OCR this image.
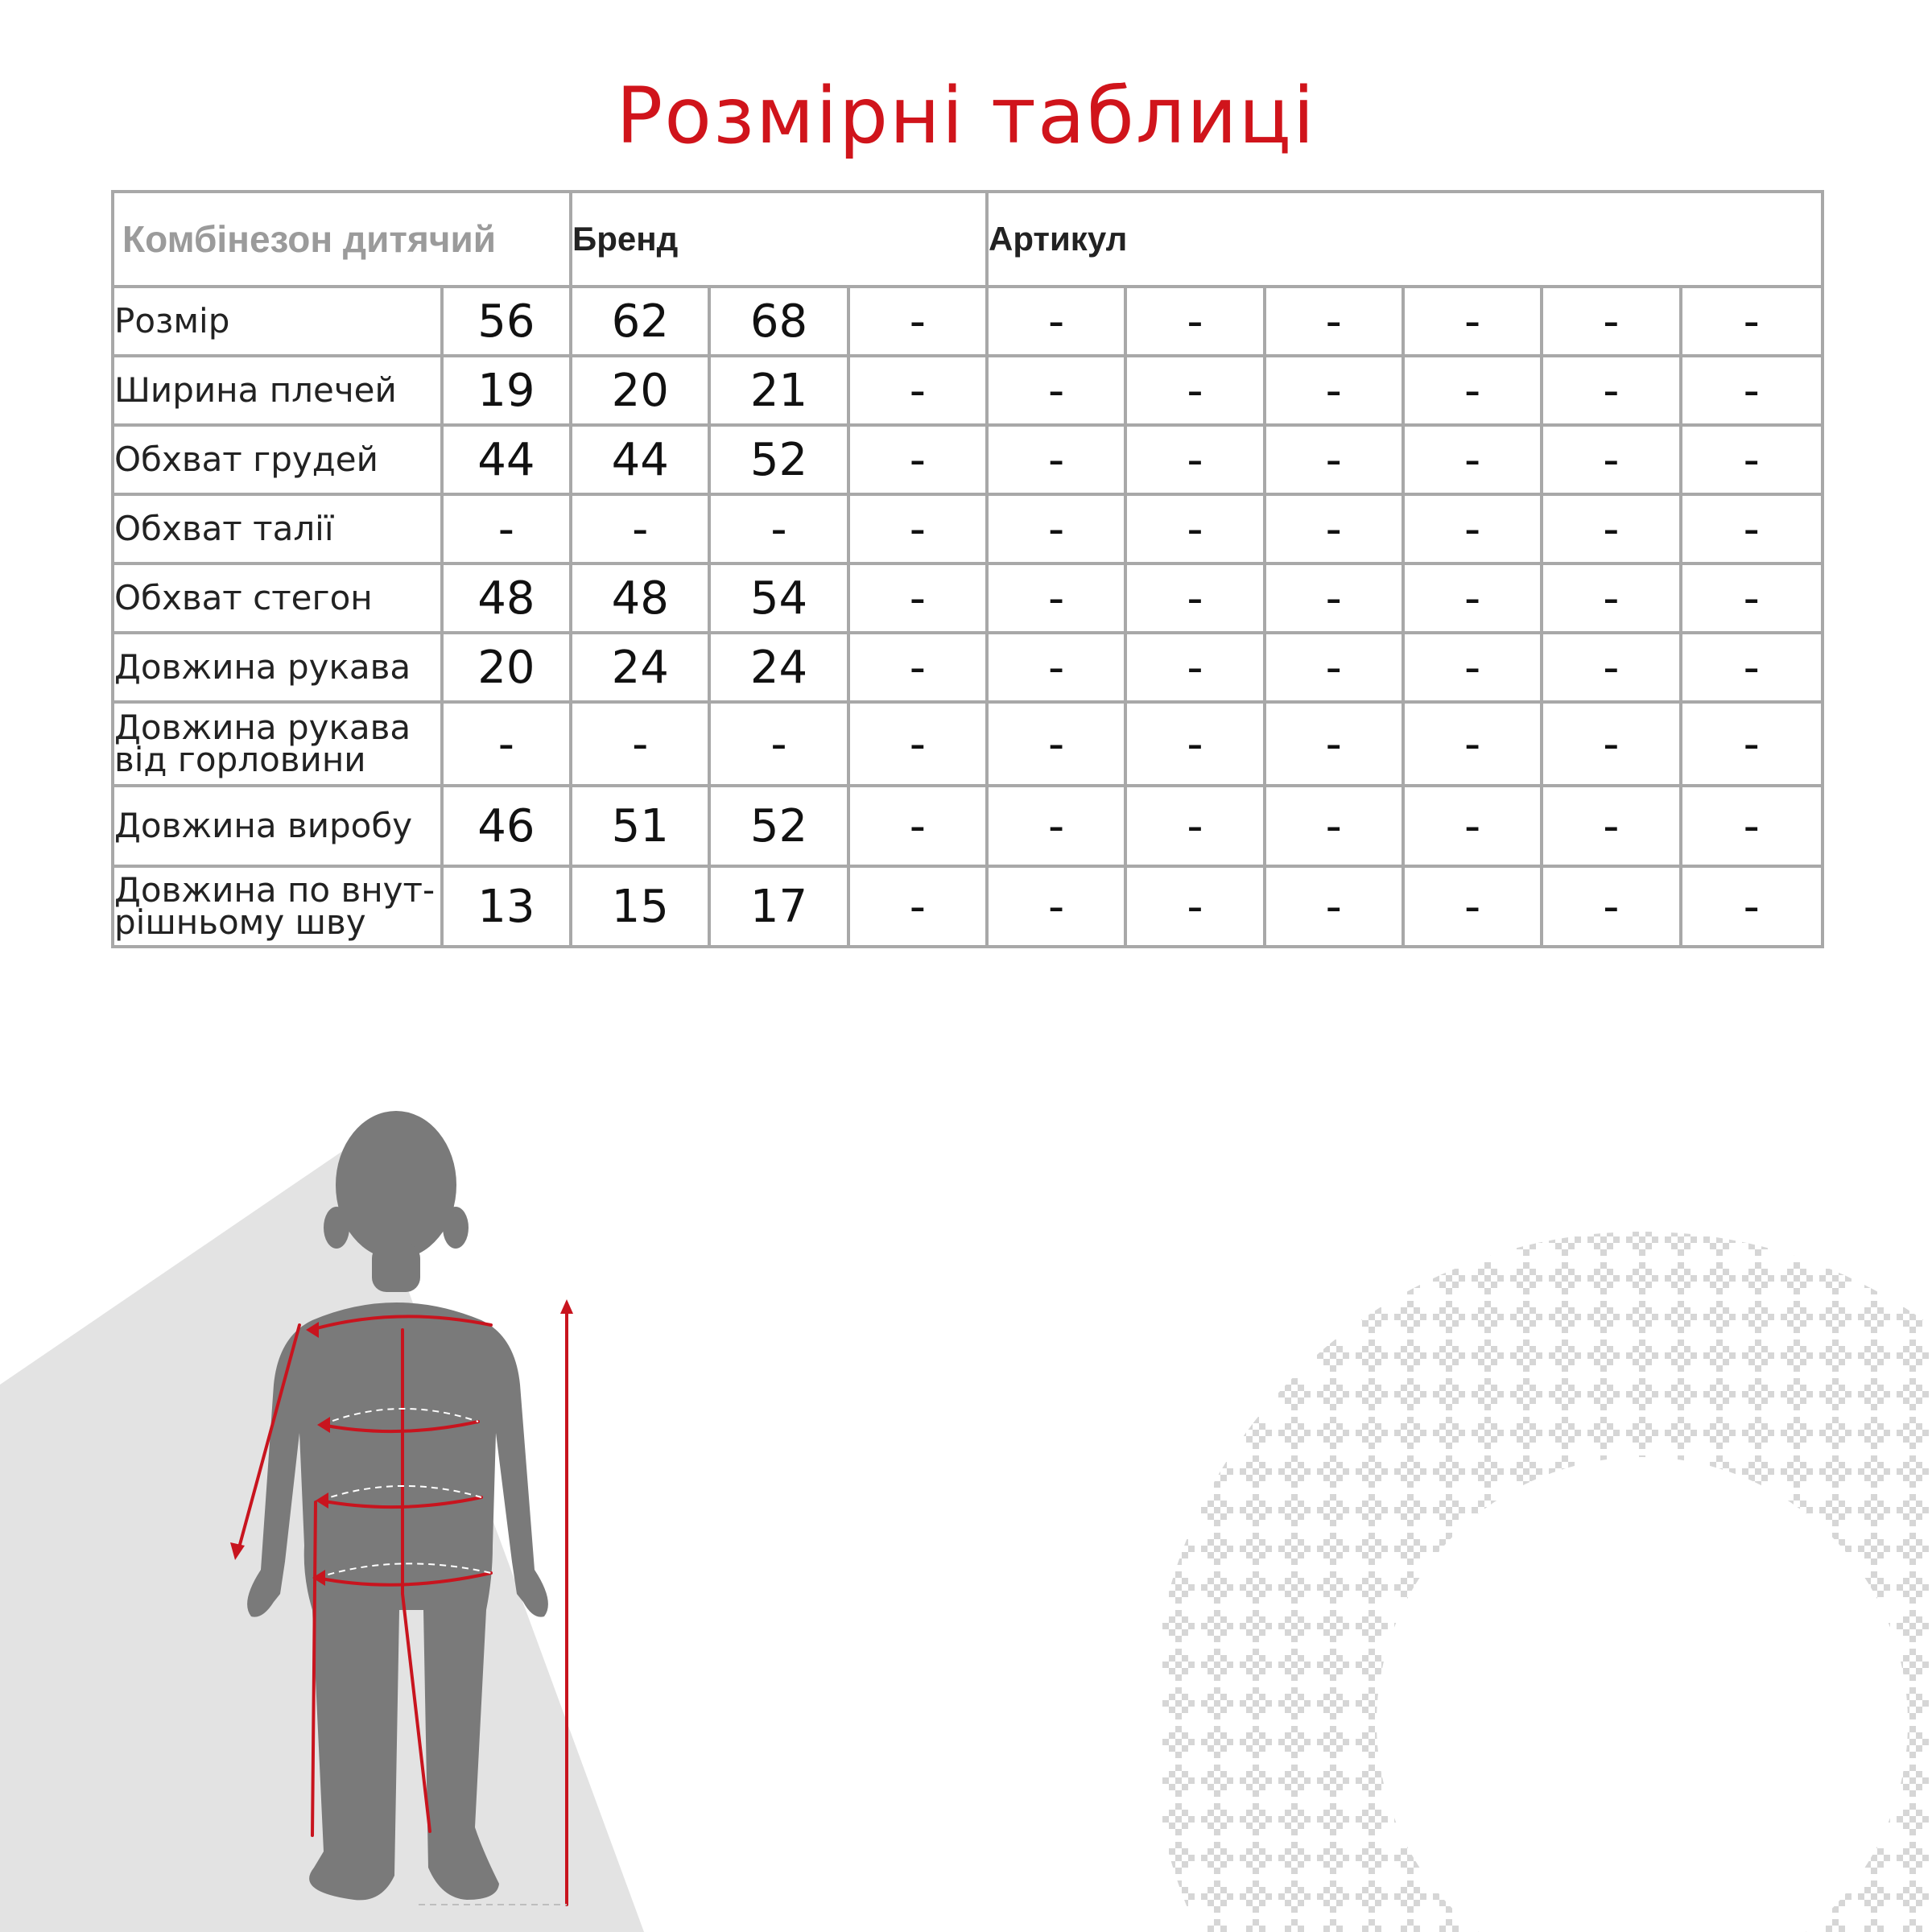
Розмірні таблиці
Комбінезон дитячий		Бренд			Артикул					
Розмір	56	62	68	-	-	-	-	-	-	-
Ширина плечей	19	20	21	-	-	-	-	-	-	-
Обхват грудей	44	44	52	-	-	-	-	-	-	-
Обхват талії	-	-	-	-	-	-	-	-	-	-
Обхват стегон	48	48	54	-	-	-	-	-	-	-
Довжина рукава	20	24	24	-	-	-	-	-	-	-
Довжина рукава
від горловини	-	-	-	-	-	-	-	-	-	-
Довжина виробу	46	51	52	-	-	-	-	-	-	-
Довжина по внут-
рішньому шву	13	15	17	-	-	-	-	-	-	-
